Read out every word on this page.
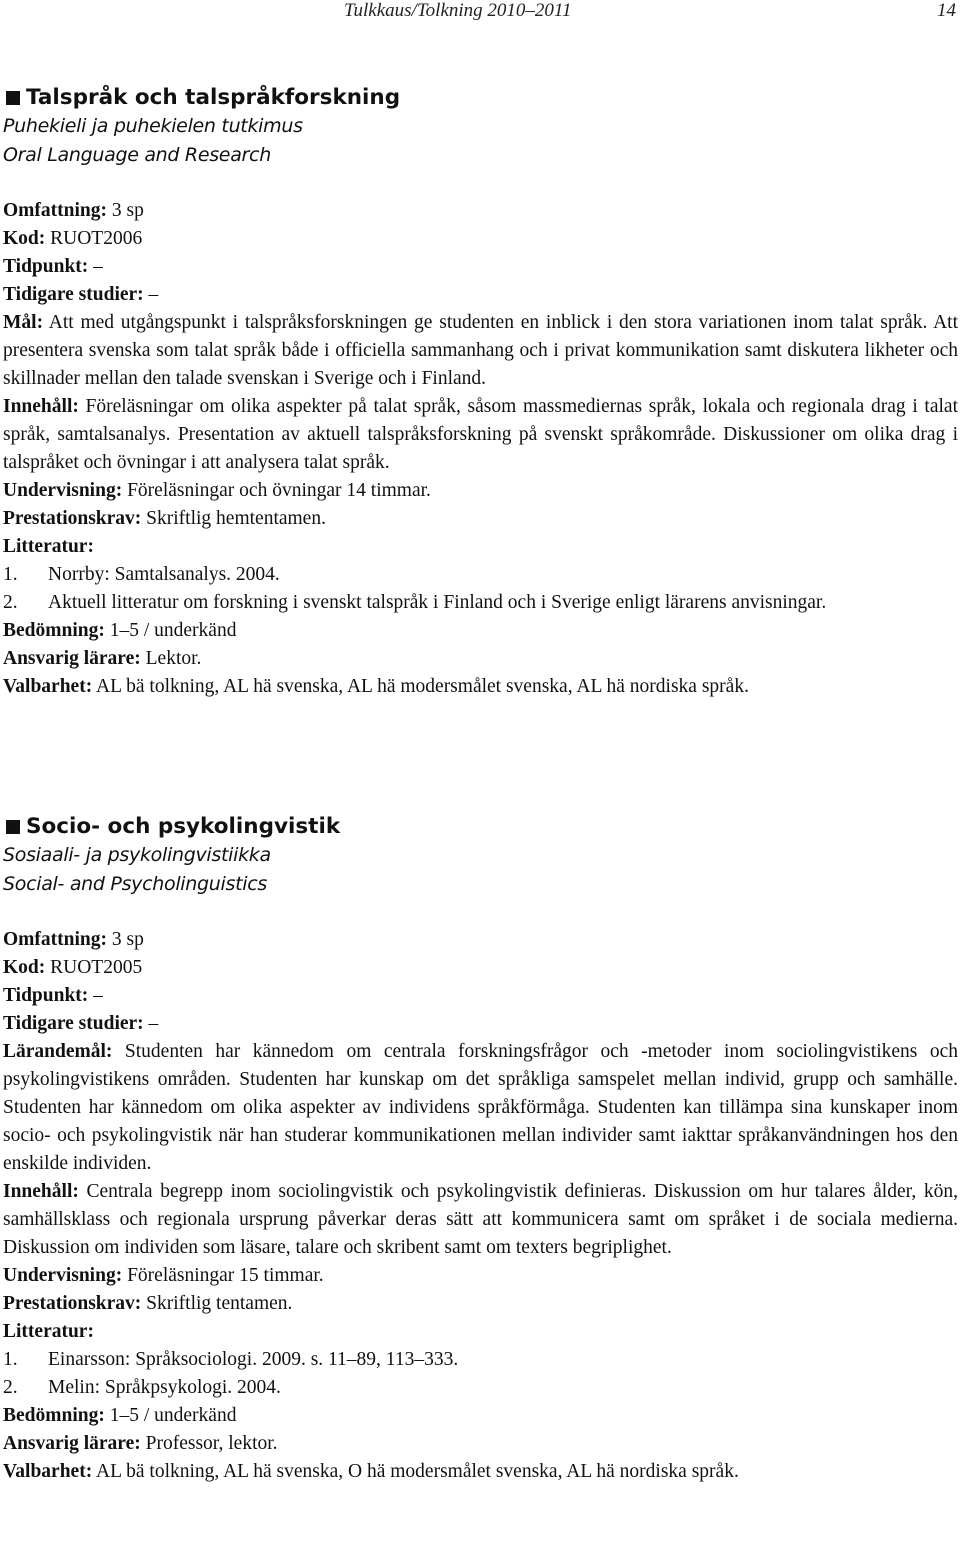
Tulkkaus/Tolkning 2010–2011	14
Talspråk och talspråkforskning
Puhekieli ja puhekielen tutkimus
Oral Language and Research
Omfattning: 3 sp
Kod: RUOT2006
Tidpunkt: –
Tidigare studier: –
Mål: Att med utgångspunkt i talspråksforskningen ge studenten en inblick i den stora variationen inom talat språk. Att presentera svenska som talat språk både i officiella sammanhang och i privat kommunikation samt diskutera likheter och skillnader mellan den talade svenskan i Sverige och i Finland.
Innehåll: Föreläsningar om olika aspekter på talat språk, såsom massmediernas språk, lokala och regionala drag i talat språk, samtalsanalys. Presentation av aktuell talspråksforskning på svenskt språkområde. Diskussioner om olika drag i talspråket och övningar i att analysera talat språk.
Undervisning: Föreläsningar och övningar 14 timmar.
Prestationskrav: Skriftlig hemtentamen.
Litteratur:
1.	Norrby: Samtalsanalys. 2004.
2.	Aktuell litteratur om forskning i svenskt talspråk i Finland och i Sverige enligt lärarens anvisningar.
Bedömning: 1–5 / underkänd
Ansvarig lärare: Lektor.
Valbarhet: AL bä tolkning, AL hä svenska, AL hä modersmålet svenska, AL hä nordiska språk.
Socio- och psykolingvistik
Sosiaali- ja psykolingvistiikka
Social- and Psycholinguistics
Omfattning: 3 sp
Kod: RUOT2005
Tidpunkt: –
Tidigare studier: –
Lärandemål: Studenten har kännedom om centrala forskningsfrågor och -metoder inom sociolingvistikens och psykolingvistikens områden. Studenten har kunskap om det språkliga samspelet mellan individ, grupp och samhälle. Studenten har kännedom om olika aspekter av individens språkförmåga. Studenten kan tillämpa sina kunskaper inom socio- och psykolingvistik när han studerar kommunikationen mellan individer samt iakttar språkanvändningen hos den enskilde individen.
Innehåll: Centrala begrepp inom sociolingvistik och psykolingvistik definieras. Diskussion om hur talares ålder, kön, samhällsklass och regionala ursprung påverkar deras sätt att kommunicera samt om språket i de sociala medierna. Diskussion om individen som läsare, talare och skribent samt om texters begriplighet.
Undervisning: Föreläsningar 15 timmar.
Prestationskrav: Skriftlig tentamen.
Litteratur:
1.	Einarsson: Språksociologi. 2009. s. 11–89, 113–333.
2.	Melin: Språkpsykologi. 2004.
Bedömning: 1–5 / underkänd
Ansvarig lärare: Professor, lektor.
Valbarhet: AL bä tolkning, AL hä svenska, O hä modersmålet svenska, AL hä nordiska språk.
